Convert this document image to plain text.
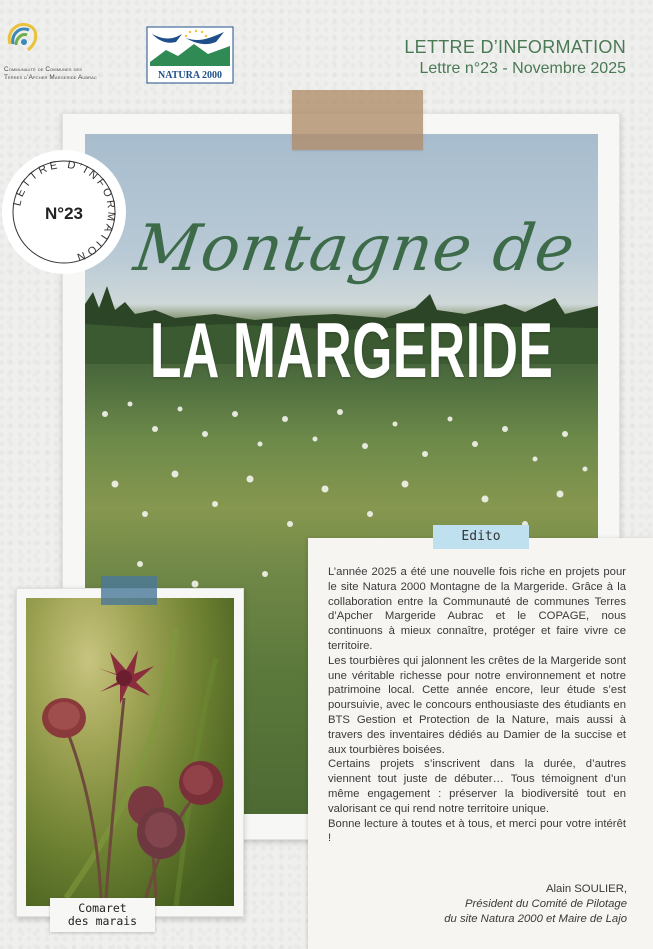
Communauté de Communes des
Terres d’Apcher Margeride Aubrac	NATURA 2000
LETTRE D’INFORMATION
Lettre n°23 - Novembre 2025
Montagne de
LA MARGERIDE
LETTRE D’INFORMATION
N°23
Edito

L’année 2025 a été une nouvelle fois riche en projets pour le site Natura 2000 Montagne de la Margeride. Grâce à la collaboration entre la Communauté de communes Terres d’Apcher Margeride Aubrac et le COPAGE, nous continuons à mieux connaître, protéger et faire vivre ce territoire.

Les tourbières qui jalonnent les crêtes de la Margeride sont une véritable richesse pour notre environnement et notre patrimoine local. Cette année encore, leur étude s’est poursuivie, avec le concours enthousiaste des étudiants en BTS Gestion et Protection de la Nature, mais aussi à travers des inventaires dédiés au Damier de la succise et aux tourbières boisées.

Certains projets s’inscrivent dans la durée, d’autres viennent tout juste de débuter… Tous témoignent d’un même engagement : préserver la biodiversité tout en valorisant ce qui rend notre territoire unique.

Bonne lecture à toutes et à tous, et merci pour votre intérêt !

Alain SOULIER,
Président du Comité de Pilotage
du site Natura 2000 et Maire de Lajo
Comaret
des marais
